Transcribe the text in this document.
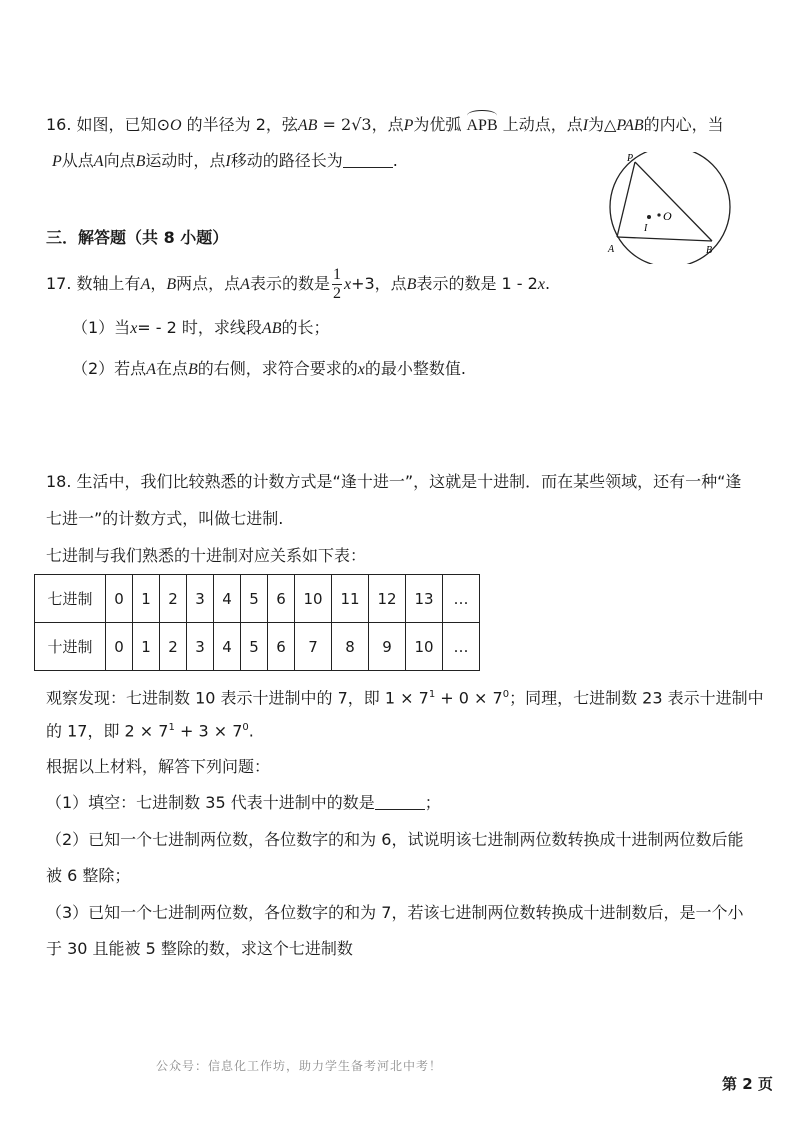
16. 如图，已知⊙O 的半径为 2，弦AB = 2√3，点P为优弧 APB 上动点，点I为△PAB的内心，当
P从点A向点B运动时，点I移动的路径长为	.	P
A	B
O
I
三．解答题（共 8 小题）
17. 数轴上有A，B两点，点A表示的数是 $\frac{1}{2} x+3$，点B表示的数是 1 - 2x.
（1）当x= - 2 时，求线段AB的长；
（2）若点A在点B的右侧，求符合要求的x的最小整数值.
18. 生活中，我们比较熟悉的计数方式是“逢十进一”，这就是十进制．而在某些领域，还有一种“逢
七进一”的计数方式，叫做七进制.
七进制与我们熟悉的十进制对应关系如下表：
七进制	0	1	2	3	4	5	6	10	11	12	13	…
十进制	0	1	2	3	4	5	6	7	8	9	10	…
观察发现：七进制数 10 表示十进制中的 7，即 $1 \times 7^1 + 0 \times 7^0$；同理，七进制数 23 表示十进制中
的 17，即 $2 \times 7^1 + 3 \times 7^0$.
根据以上材料，解答下列问题：
（1）填空：七进制数 35 代表十进制中的数是	；
（2）已知一个七进制两位数，各位数字的和为 6，试说明该七进制两位数转换成十进制两位数后能
被 6 整除；
（3）已知一个七进制两位数，各位数字的和为 7，若该七进制两位数转换成十进制数后，是一个小
于 30 且能被 5 整除的数，求这个七进制数
公众号：信息化工作坊，助力学生备考河北中考！
第 2 页
